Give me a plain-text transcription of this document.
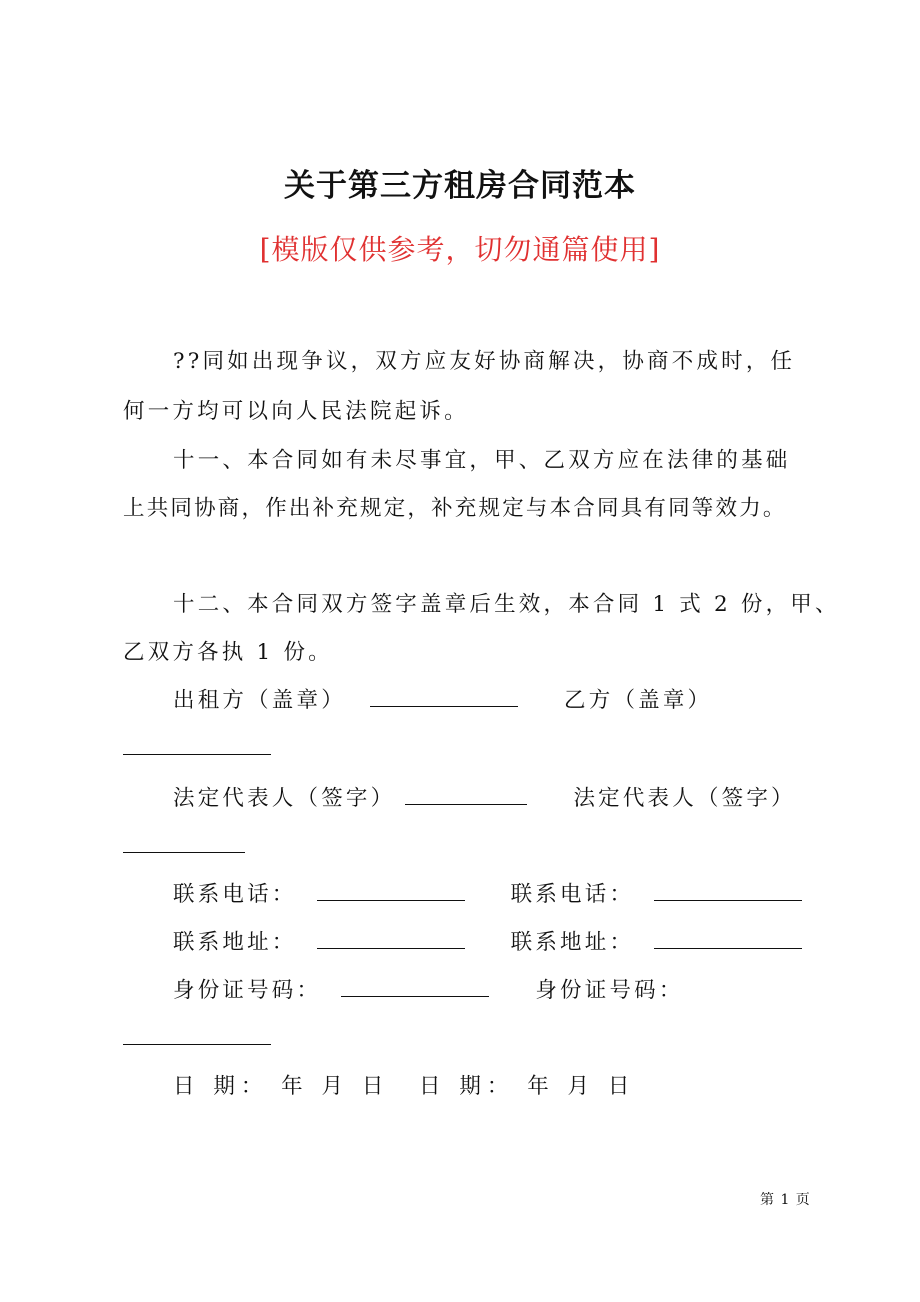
关于第三方租房合同范本
[模版仅供参考，切勿通篇使用]
??同如出现争议，双方应友好协商解决，协商不成时，任
何一方均可以向人民法院起诉。
十一、本合同如有未尽事宜，甲、乙双方应在法律的基础
上共同协商，作出补充规定，补充规定与本合同具有同等效力。
十二、本合同双方签字盖章后生效，本合同 1 式 2 份，甲、
乙双方各执 1 份。
出租方（盖章）	乙方（盖章）
法定代表人（签字）	法定代表人（签字）
联系电话：	联系电话：
联系地址：	联系地址：
身份证号码：	身份证号码：
日 期： 年 月 日 日 期： 年 月 日
第 1 页
